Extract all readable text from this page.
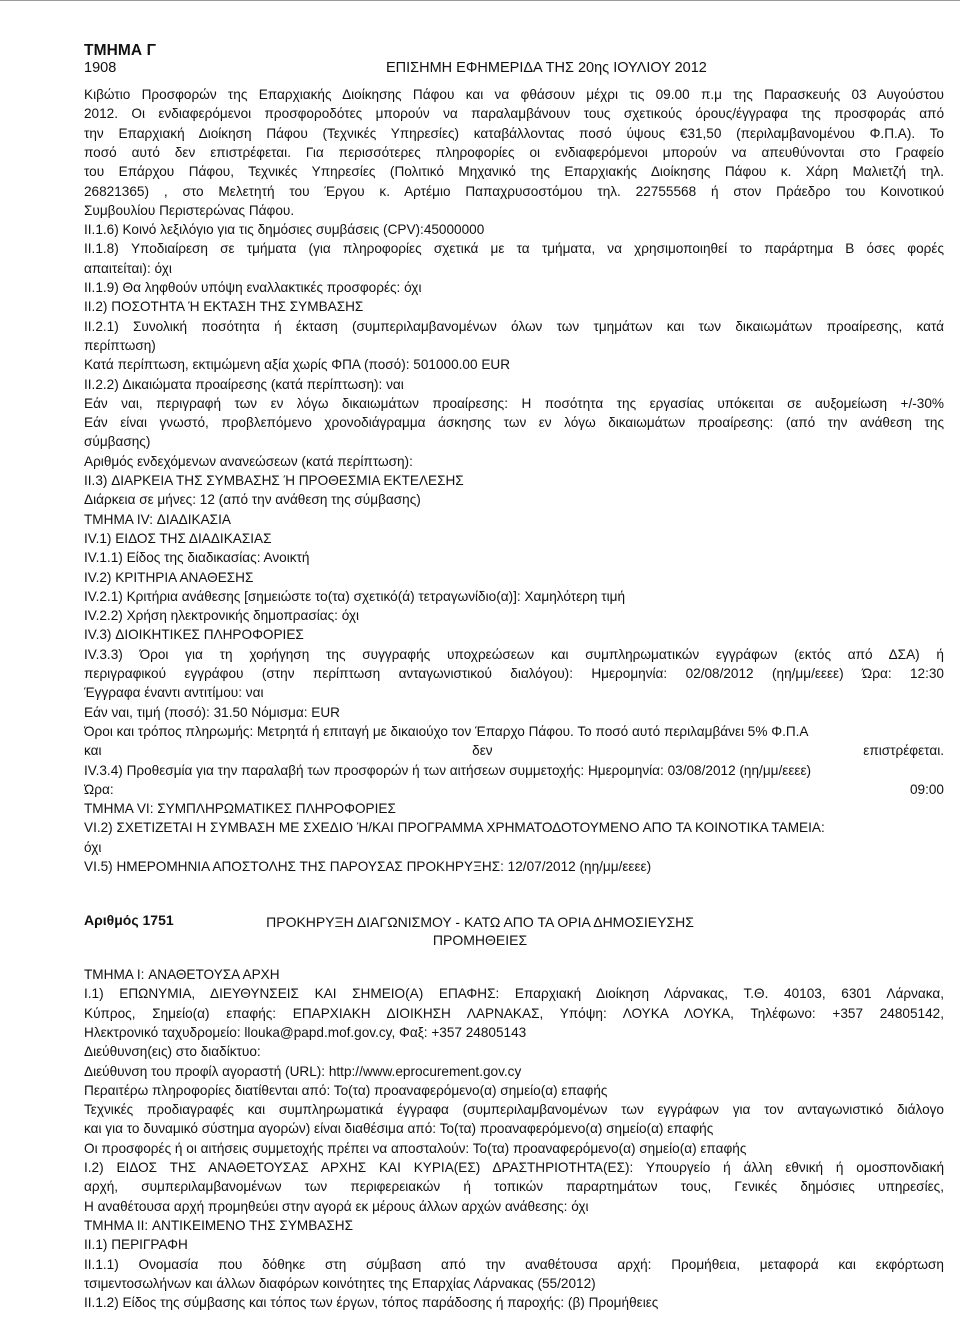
ΤΜΗΜΑ Γ
1908	ΕΠΙΣΗΜΗ ΕΦΗΜΕΡΙΔΑ ΤΗΣ 20ης ΙΟΥΛΙΟΥ 2012
Κιβώτιο Προσφορών της Επαρχιακής Διοίκησης Πάφου και να φθάσουν μέχρι τις 09.00 π.μ της Παρασκευής 03 Αυγούστου
2012. Οι ενδιαφερόμενοι προσφοροδότες μπορούν να παραλαμβάνουν τους σχετικούς όρους/έγγραφα της προσφοράς από
την Επαρχιακή Διοίκηση Πάφου (Τεχνικές Υπηρεσίες) καταβάλλοντας ποσό ύψους €31,50 (περιλαμβανομένου Φ.Π.Α). Το
ποσό αυτό δεν επιστρέφεται. Για περισσότερες πληροφορίες οι ενδιαφερόμενοι μπορούν να απευθύνονται στο Γραφείο
του Επάρχου Πάφου, Τεχνικές Υπηρεσίες (Πολιτικό Μηχανικό της Επαρχιακής Διοίκησης Πάφου κ. Χάρη Μαλιετζή τηλ.
26821365) , στο Μελετητή του Έργου κ. Αρτέμιο Παπαχρυσοστόμου τηλ. 22755568 ή στον Πράεδρο του Κοινοτικού
Συμβουλίου Περιστερώνας Πάφου.
II.1.6) Κοινό λεξιλόγιο για τις δημόσιες συμβάσεις (CPV):45000000
II.1.8) Υποδιαίρεση σε τμήματα (για πληροφορίες σχετικά με τα τμήματα, να χρησιμοποιηθεί το παράρτημα Β όσες φορές
απαιτείται): όχι
II.1.9) Θα ληφθούν υπόψη εναλλακτικές προσφορές: όχι
II.2) ΠΟΣΟΤΗΤΑ Ή ΕΚΤΑΣΗ ΤΗΣ ΣΥΜΒΑΣΗΣ
II.2.1) Συνολική ποσότητα ή έκταση (συμπεριλαμβανομένων όλων των τμημάτων και των δικαιωμάτων προαίρεσης, κατά
περίπτωση)
Κατά περίπτωση, εκτιμώμενη αξία χωρίς ΦΠΑ (ποσό): 501000.00 EUR
II.2.2) Δικαιώματα προαίρεσης (κατά περίπτωση): ναι
Εάν ναι, περιγραφή των εν λόγω δικαιωμάτων προαίρεσης: Η ποσότητα της εργασίας υπόκειται σε αυξομείωση +/-30%
Εάν είναι γνωστό, προβλεπόμενο χρονοδιάγραμμα άσκησης των εν λόγω δικαιωμάτων προαίρεσης: (από την ανάθεση της
σύμβασης)
Αριθμός ενδεχόμενων ανανεώσεων (κατά περίπτωση):
II.3) ΔΙΑΡΚΕΙΑ ΤΗΣ ΣΥΜΒΑΣΗΣ Ή ΠΡΟΘΕΣΜΙΑ ΕΚΤΕΛΕΣΗΣ
Διάρκεια σε μήνες: 12 (από την ανάθεση της σύμβασης)
ΤΜΗΜΑ IV: ΔΙΑΔΙΚΑΣΙΑ
IV.1) ΕΙΔΟΣ ΤΗΣ ΔΙΑΔΙΚΑΣΙΑΣ
IV.1.1) Είδος της διαδικασίας: Ανοικτή
IV.2) ΚΡΙΤΗΡΙΑ ΑΝΑΘΕΣΗΣ
IV.2.1) Κριτήρια ανάθεσης [σημειώστε το(τα) σχετικό(ά) τετραγωνίδιο(α)]: Χαμηλότερη τιμή
IV.2.2) Χρήση ηλεκτρονικής δημοπρασίας: όχι
IV.3) ΔΙΟΙΚΗΤΙΚΕΣ ΠΛΗΡΟΦΟΡΙΕΣ
IV.3.3) Όροι για τη χορήγηση της συγγραφής υποχρεώσεων και συμπληρωματικών εγγράφων (εκτός από ΔΣΑ) ή
περιγραφικού εγγράφου (στην περίπτωση ανταγωνιστικού διαλόγου): Ημερομηνία: 02/08/2012 (ηη/μμ/εεεε) Ώρα: 12:30
Έγγραφα έναντι αντιτίμου: ναι
Εάν ναι, τιμή (ποσό): 31.50 Νόμισμα: EUR
Όροι και τρόπος πληρωμής: Μετρητά ή επιταγή με δικαιούχο τον Έπαρχο Πάφου. Το ποσό αυτό περιλαμβάνει 5% Φ.Π.Α
και δεν επιστρέφεται.
IV.3.4) Προθεσμία για την παραλαβή των προσφορών ή των αιτήσεων συμμετοχής: Ημερομηνία: 03/08/2012 (ηη/μμ/εεεε)
Ώρα: 09:00
ΤΜΗΜΑ VI: ΣΥΜΠΛΗΡΩΜΑΤΙΚΕΣ ΠΛΗΡΟΦΟΡΙΕΣ
VI.2) ΣΧΕΤΙΖΕΤΑΙ Η ΣΥΜΒΑΣΗ ΜΕ ΣΧΕΔΙΟ Ή/ΚΑΙ ΠΡΟΓΡΑΜΜΑ ΧΡΗΜΑΤΟΔΟΤΟΥΜΕΝΟ ΑΠΟ ΤΑ ΚΟΙΝΟΤΙΚΑ ΤΑΜΕΙΑ:
όχι
VI.5) ΗΜΕΡΟΜΗΝΙΑ ΑΠΟΣΤΟΛΗΣ ΤΗΣ ΠΑΡΟΥΣΑΣ ΠΡΟΚΗΡΥΞΗΣ: 12/07/2012 (ηη/μμ/εεεε)
Αριθμός 1751	ΠΡΟΚΗΡΥΞΗ ΔΙΑΓΩΝΙΣΜΟΥ - ΚΑΤΩ ΑΠΟ ΤΑ ΟΡΙΑ ΔΗΜΟΣΙΕΥΣΗΣ
ΠΡΟΜΗΘΕΙΕΣ
ΤΜΗΜΑ I: ΑΝΑΘΕΤΟΥΣΑ ΑΡΧΗ
I.1) ΕΠΩΝΥΜΙΑ, ΔΙΕΥΘΥΝΣΕΙΣ ΚΑΙ ΣΗΜΕΙΟ(Α) ΕΠΑΦΗΣ: Επαρχιακή Διοίκηση Λάρνακας, Τ.Θ. 40103, 6301 Λάρνακα,
Κύπρος, Σημείο(α) επαφής: ΕΠΑΡΧΙΑΚΗ ΔΙΟΙΚΗΣΗ ΛΑΡΝΑΚΑΣ, Υπόψη: ΛΟΥΚΑ ΛΟΥΚΑ, Τηλέφωνο: +357 24805142,
Ηλεκτρονικό ταχυδρομείο: llouka@papd.mof.gov.cy, Φαξ: +357 24805143
Διεύθυνση(εις) στο διαδίκτυο:
Διεύθυνση του προφίλ αγοραστή (URL): http://www.eprocurement.gov.cy
Περαιτέρω πληροφορίες διατίθενται από: Το(τα) προαναφερόμενο(α) σημείο(α) επαφής
Τεχνικές προδιαγραφές και συμπληρωματικά έγγραφα (συμπεριλαμβανομένων των εγγράφων για τον ανταγωνιστικό διάλογο
και για το δυναμικό σύστημα αγορών) είναι διαθέσιμα από: Το(τα) προαναφερόμενο(α) σημείο(α) επαφής
Οι προσφορές ή οι αιτήσεις συμμετοχής πρέπει να αποσταλούν: Το(τα) προαναφερόμενο(α) σημείο(α) επαφής
I.2) ΕΙΔΟΣ ΤΗΣ ΑΝΑΘΕΤΟΥΣΑΣ ΑΡΧΗΣ ΚΑΙ ΚΥΡΙΑ(ΕΣ) ΔΡΑΣΤΗΡΙΟΤΗΤΑ(ΕΣ): Υπουργείο ή άλλη εθνική ή ομοσπονδιακή
αρχή, συμπεριλαμβανομένων των περιφερειακών ή τοπικών παραρτημάτων τους, Γενικές δημόσιες υπηρεσίες,
Η αναθέτουσα αρχή προμηθεύει στην αγορά εκ μέρους άλλων αρχών ανάθεσης: όχι
ΤΜΗΜΑ II: ΑΝΤΙΚΕΙΜΕΝΟ ΤΗΣ ΣΥΜΒΑΣΗΣ
II.1) ΠΕΡΙΓΡΑΦΗ
II.1.1) Ονομασία που δόθηκε στη σύμβαση από την αναθέτουσα αρχή: Προμήθεια, μεταφορά και εκφόρτωση
τσιμεντοσωλήνων και άλλων διαφόρων κοινότητες της Επαρχίας Λάρνακας (55/2012)
II.1.2) Είδος της σύμβασης και τόπος των έργων, τόπος παράδοσης ή παροχής: (β) Προμήθειες
